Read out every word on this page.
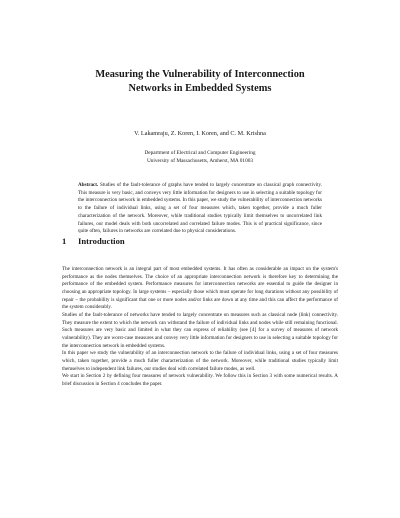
Measuring the Vulnerability of Interconnection
Networks in Embedded Systems
V. Lakamraju, Z. Koren, I. Koren, and C. M. Krishna
Department of Electrical and Computer Engineering
University of Massachusetts, Amherst, MA 01003

Abstract. Studies of the fault-tolerance of graphs have tended to largely concentrate on classical graph connectivity. This measure is very basic, and conveys very little information for designers to use in selecting a suitable topology for the interconnection network in embedded systems. In this paper, we study the vulnerability of interconnection networks to the failure of individual links, using a set of four measures which, taken together, provide a much fuller characterization of the network. Moreover, while traditional studies typically limit themselves to uncorrelated link failures, our model deals with both uncorrelated and correlated failure modes. This is of practical significance, since quite often, failures in networks are correlated due to physical considerations.

1 Introduction

The interconnection network is an integral part of most embedded systems. It has often as considerable an impact on the system's performance as the nodes themselves. The choice of an appropriate interconnection network is therefore key to determining the performance of the embedded system. Performance measures for interconnection networks are essential to guide the designer in choosing an appropriate topology. In large systems – especially those which must operate for long durations without any possibility of repair – the probability is significant that one or more nodes and/or links are down at any time and this can affect the performance of the system considerably.

Studies of the fault-tolerance of networks have tended to largely concentrate on measures such as classical node (link) connectivity. They measure the extent to which the network can withstand the failure of individual links and nodes while still remaining functional. Such measures are very basic and limited in what they can express of reliability (see [4] for a survey of measures of network vulnerability). They are worst-case measures and convey very little information for designers to use in selecting a suitable topology for the interconnection network in embedded systems.

In this paper we study the vulnerability of an interconnection network to the failure of individual links, using a set of four measures which, taken together, provide a much fuller characterization of the network. Moreover, while traditional studies typically limit themselves to independent link failures, our studies deal with correlated failure modes, as well.

We start in Section 2 by defining four measures of network vulnerability. We follow this in Section 3 with some numerical results. A brief discussion in Section 4 concludes the paper.
